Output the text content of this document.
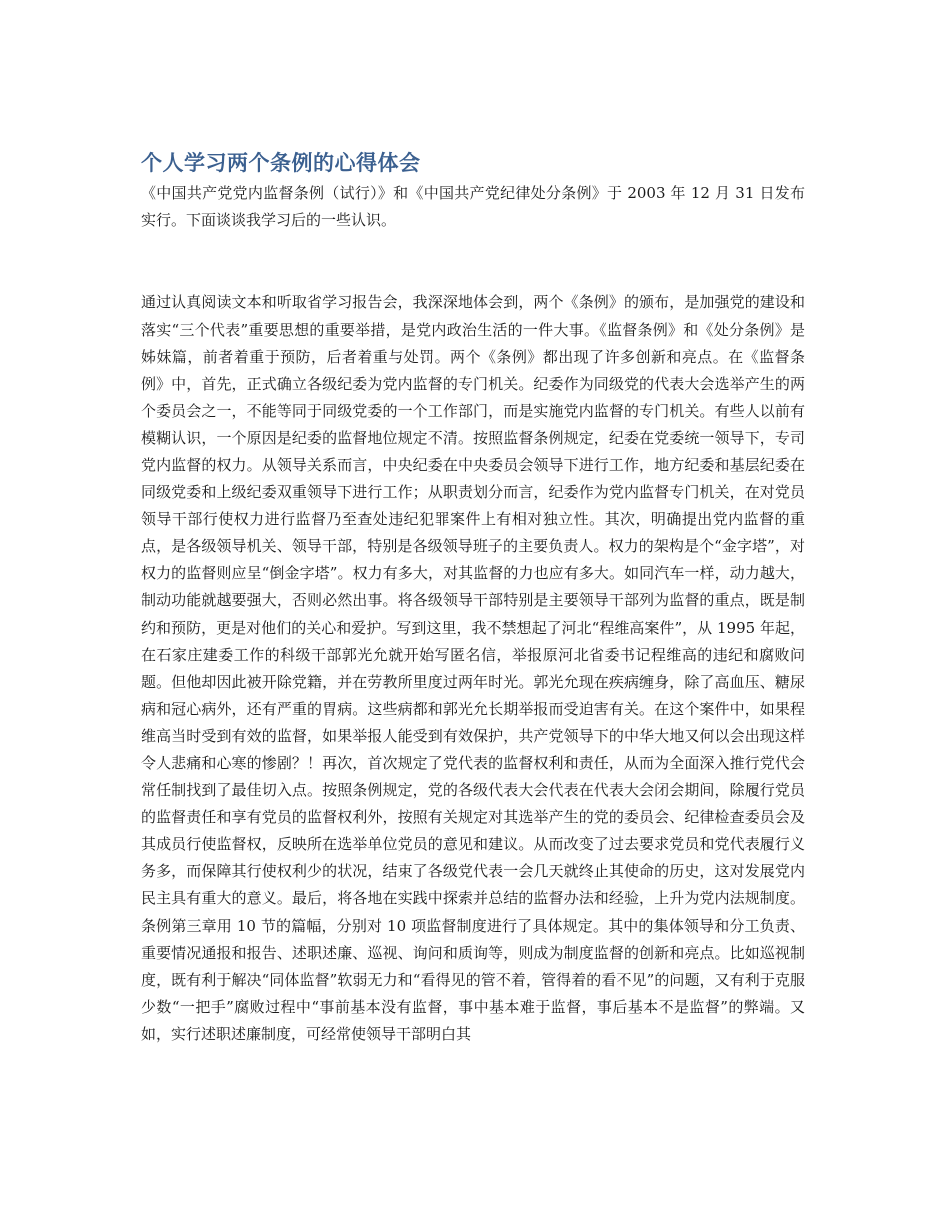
个人学习两个条例的心得体会

《中国共产党党内监督条例（试行）》和《中国共产党纪律处分条例》于 2003 年 12 月 31 日发布实行。下面谈谈我学习后的一些认识。

通过认真阅读文本和听取省学习报告会，我深深地体会到，两个《条例》的颁布，是加强党的建设和落实“三个代表”重要思想的重要举措，是党内政治生活的一件大事。《监督条例》和《处分条例》是姊妹篇，前者着重于预防，后者着重与处罚。两个《条例》都出现了许多创新和亮点。在《监督条例》中，首先，正式确立各级纪委为党内监督的专门机关。纪委作为同级党的代表大会选举产生的两个委员会之一，不能等同于同级党委的一个工作部门，而是实施党内监督的专门机关。有些人以前有模糊认识，一个原因是纪委的监督地位规定不清。按照监督条例规定，纪委在党委统一领导下，专司党内监督的权力。从领导关系而言，中央纪委在中央委员会领导下进行工作，地方纪委和基层纪委在同级党委和上级纪委双重领导下进行工作；从职责划分而言，纪委作为党内监督专门机关，在对党员领导干部行使权力进行监督乃至查处违纪犯罪案件上有相对独立性。其次，明确提出党内监督的重点，是各级领导机关、领导干部，特别是各级领导班子的主要负责人。权力的架构是个“金字塔”，对权力的监督则应呈“倒金字塔”。权力有多大，对其监督的力也应有多大。如同汽车一样，动力越大，制动功能就越要强大，否则必然出事。将各级领导干部特别是主要领导干部列为监督的重点，既是制约和预防，更是对他们的关心和爱护。写到这里，我不禁想起了河北“程维高案件”，从 1995 年起，在石家庄建委工作的科级干部郭光允就开始写匿名信，举报原河北省委书记程维高的违纪和腐败问题。但他却因此被开除党籍，并在劳教所里度过两年时光。郭光允现在疾病缠身，除了高血压、糖尿病和冠心病外，还有严重的胃病。这些病都和郭光允长期举报而受迫害有关。在这个案件中，如果程维高当时受到有效的监督，如果举报人能受到有效保护，共产党领导下的中华大地又何以会出现这样令人悲痛和心寒的惨剧？！再次，首次规定了党代表的监督权利和责任，从而为全面深入推行党代会常任制找到了最佳切入点。按照条例规定，党的各级代表大会代表在代表大会闭会期间，除履行党员的监督责任和享有党员的监督权利外，按照有关规定对其选举产生的党的委员会、纪律检查委员会及其成员行使监督权，反映所在选举单位党员的意见和建议。从而改变了过去要求党员和党代表履行义务多，而保障其行使权利少的状况，结束了各级党代表一会几天就终止其使命的历史，这对发展党内民主具有重大的意义。最后，将各地在实践中探索并总结的监督办法和经验，上升为党内法规制度。条例第三章用 10 节的篇幅，分别对 10 项监督制度进行了具体规定。其中的集体领导和分工负责、重要情况通报和报告、述职述廉、巡视、询问和质询等，则成为制度监督的创新和亮点。比如巡视制度，既有利于解决“同体监督”软弱无力和“看得见的管不着，管得着的看不见”的问题，又有利于克服少数“一把手”腐败过程中“事前基本没有监督，事中基本难于监督，事后基本不是监督”的弊端。又如，实行述职述廉制度，可经常使领导干部明白其
